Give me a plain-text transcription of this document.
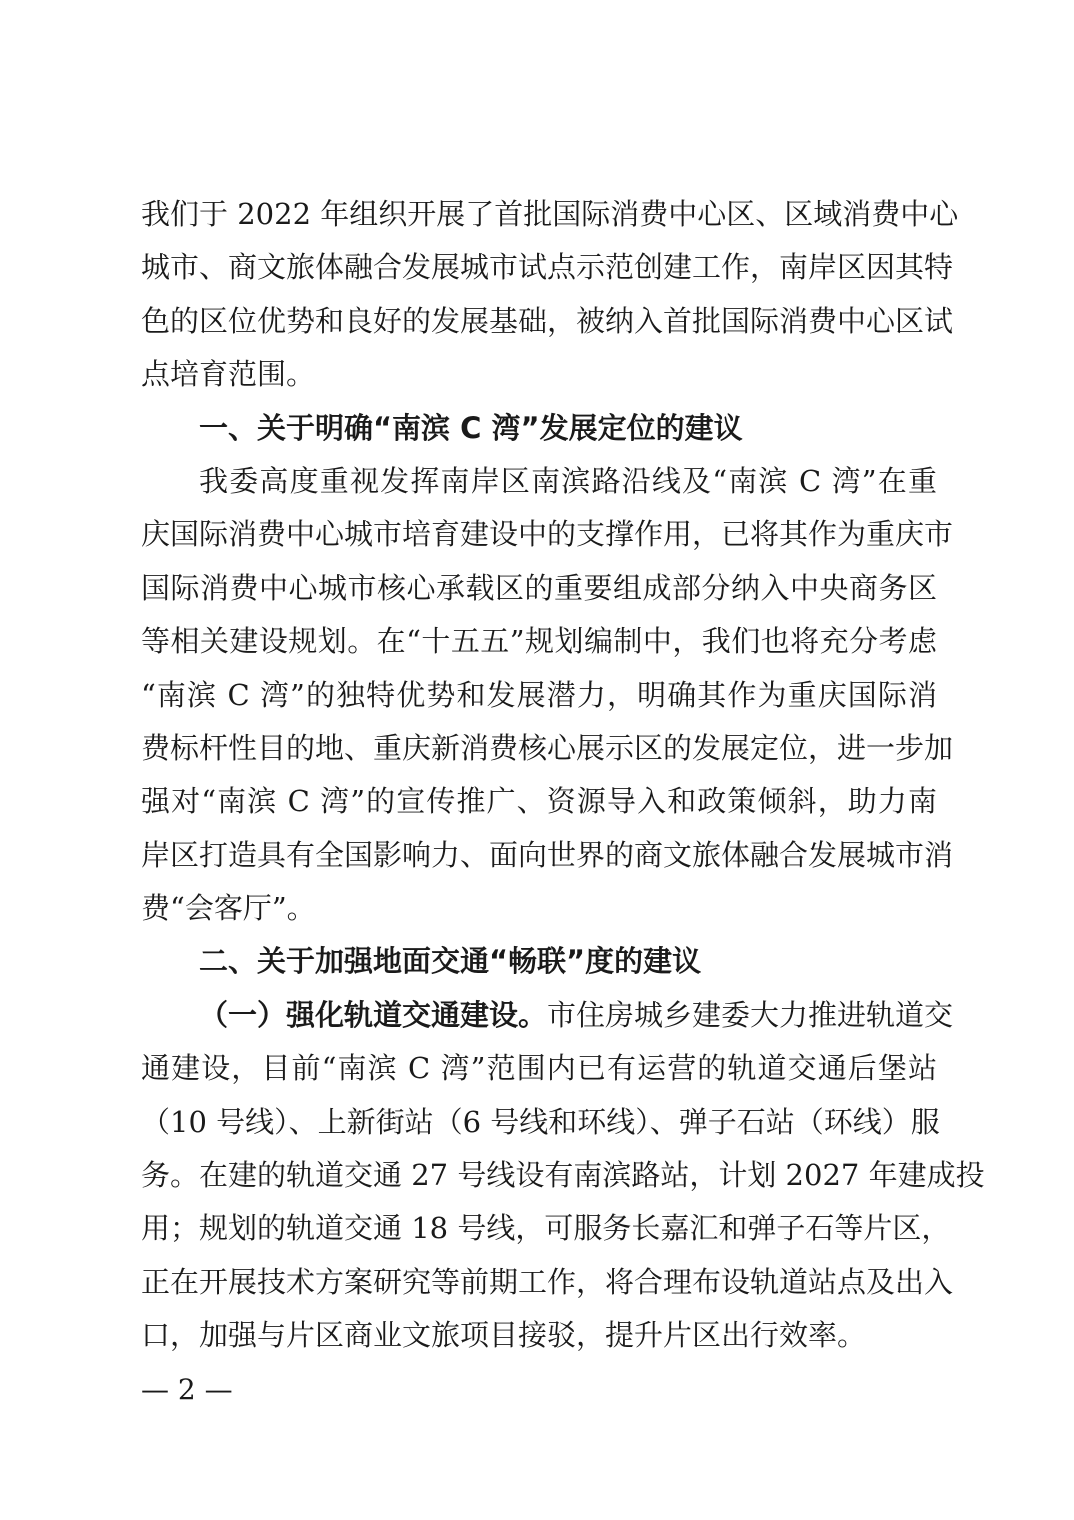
我们于 2022 年组织开展了首批国际消费中心区、区域消费中心
城市、商文旅体融合发展城市试点示范创建工作，南岸区因其特
色的区位优势和良好的发展基础，被纳入首批国际消费中心区试
点培育范围。
一、关于明确“南滨 C 湾”发展定位的建议
我委高度重视发挥南岸区南滨路沿线及“南滨 C 湾”在重
庆国际消费中心城市培育建设中的支撑作用，已将其作为重庆市
国际消费中心城市核心承载区的重要组成部分纳入中央商务区
等相关建设规划。在“十五五”规划编制中，我们也将充分考虑
“南滨 C 湾”的独特优势和发展潜力，明确其作为重庆国际消
费标杆性目的地、重庆新消费核心展示区的发展定位，进一步加
强对“南滨 C 湾”的宣传推广、资源导入和政策倾斜，助力南
岸区打造具有全国影响力、面向世界的商文旅体融合发展城市消
费“会客厅”。
二、关于加强地面交通“畅联”度的建议
（一）强化轨道交通建设。市住房城乡建委大力推进轨道交
通建设，目前“南滨 C 湾”范围内已有运营的轨道交通后堡站
（10 号线）、上新街站（6 号线和环线）、弹子石站（环线）服
务。在建的轨道交通 27 号线设有南滨路站，计划 2027 年建成投
用；规划的轨道交通 18 号线，可服务长嘉汇和弹子石等片区，
正在开展技术方案研究等前期工作，将合理布设轨道站点及出入
口，加强与片区商业文旅项目接驳，提升片区出行效率。
— 2 —
